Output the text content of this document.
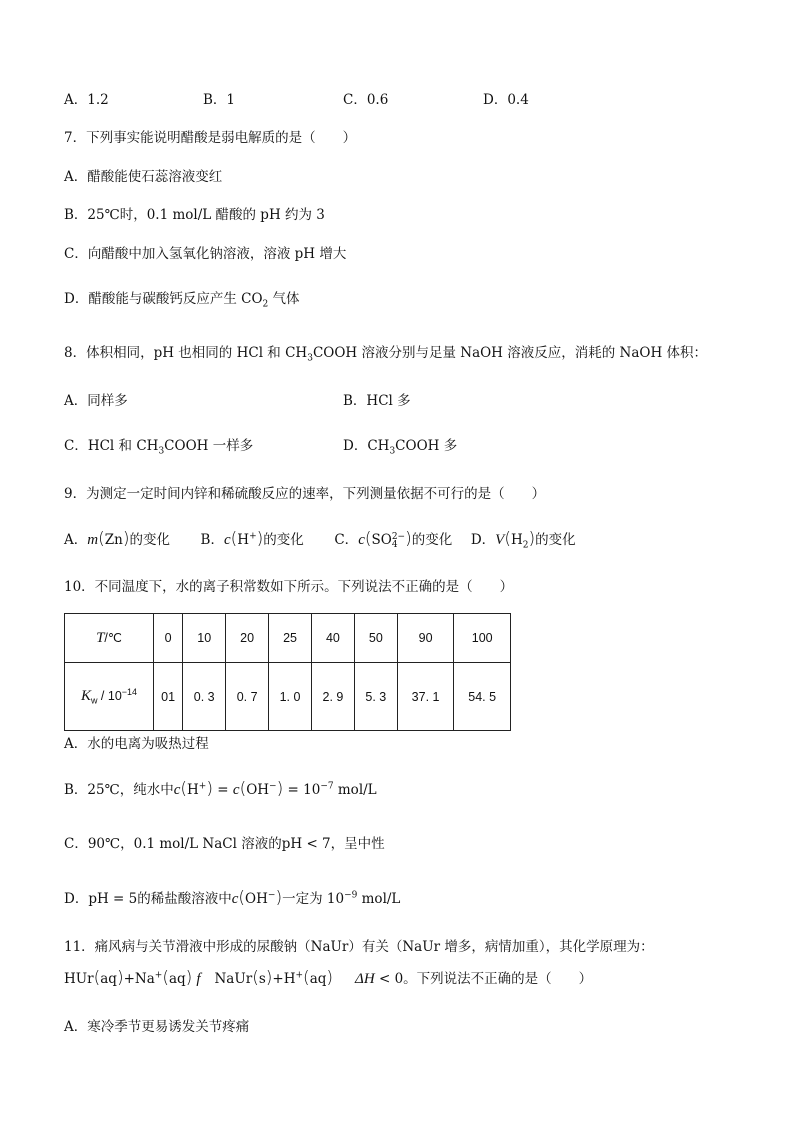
A．1.2	B．1	C．0.6	D．0.4
7．下列事实能说明醋酸是弱电解质的是（　　）
A．醋酸能使石蕊溶液变红
B．25℃时，0.1 mol/L 醋酸的 pH 约为 3
C．向醋酸中加入氢氧化钠溶液，溶液 pH 增大
D．醋酸能与碳酸钙反应产生 $CO_2$ 气体
8．体积相同，pH 也相同的 HCl 和 $CH_3COOH$ 溶液分别与足量 NaOH 溶液反应，消耗的 NaOH 体积：
A．同样多	B．HCl 多
C．HCl 和 $CH_3COOH$ 一样多	D．$CH_3COOH$ 多
9．为测定一定时间内锌和稀硫酸反应的速率，下列测量依据不可行的是（　　）
A．m(Zn)的变化 B．c(H+)的变化 C．c(SO 2−
4 )的变化 D．$V(H_2)$的变化
10．不同温度下，水的离子积常数如下所示。下列说法不正确的是（　　）
T/℃	0	10	20	25	40	50	90	100
$K_w / 10^{-14}$	01	0. 3	0. 7	1. 0	2. 9	5. 3	37. 1	54. 5
A．水的电离为吸热过程
B．25℃，纯水中$c(H^+) = c(OH^-) = 10^{-7}$ mol/L
C．90℃，0.1 mol/L NaCl 溶液的pH < 7，呈中性
D．pH = 5的稀盐酸溶液中c(OH−)一定为 $10^{-9}$ mol/L
11．痛风病与关节滑液中形成的尿酸钠（NaUr）有关（NaUr 增多，病情加重），其化学原理为：
HUr(aq)+Na+(aq) f NaUr(s)+H+(aq) ΔH < 0。下列说法不正确的是（　　）
A．寒冷季节更易诱发关节疼痛
